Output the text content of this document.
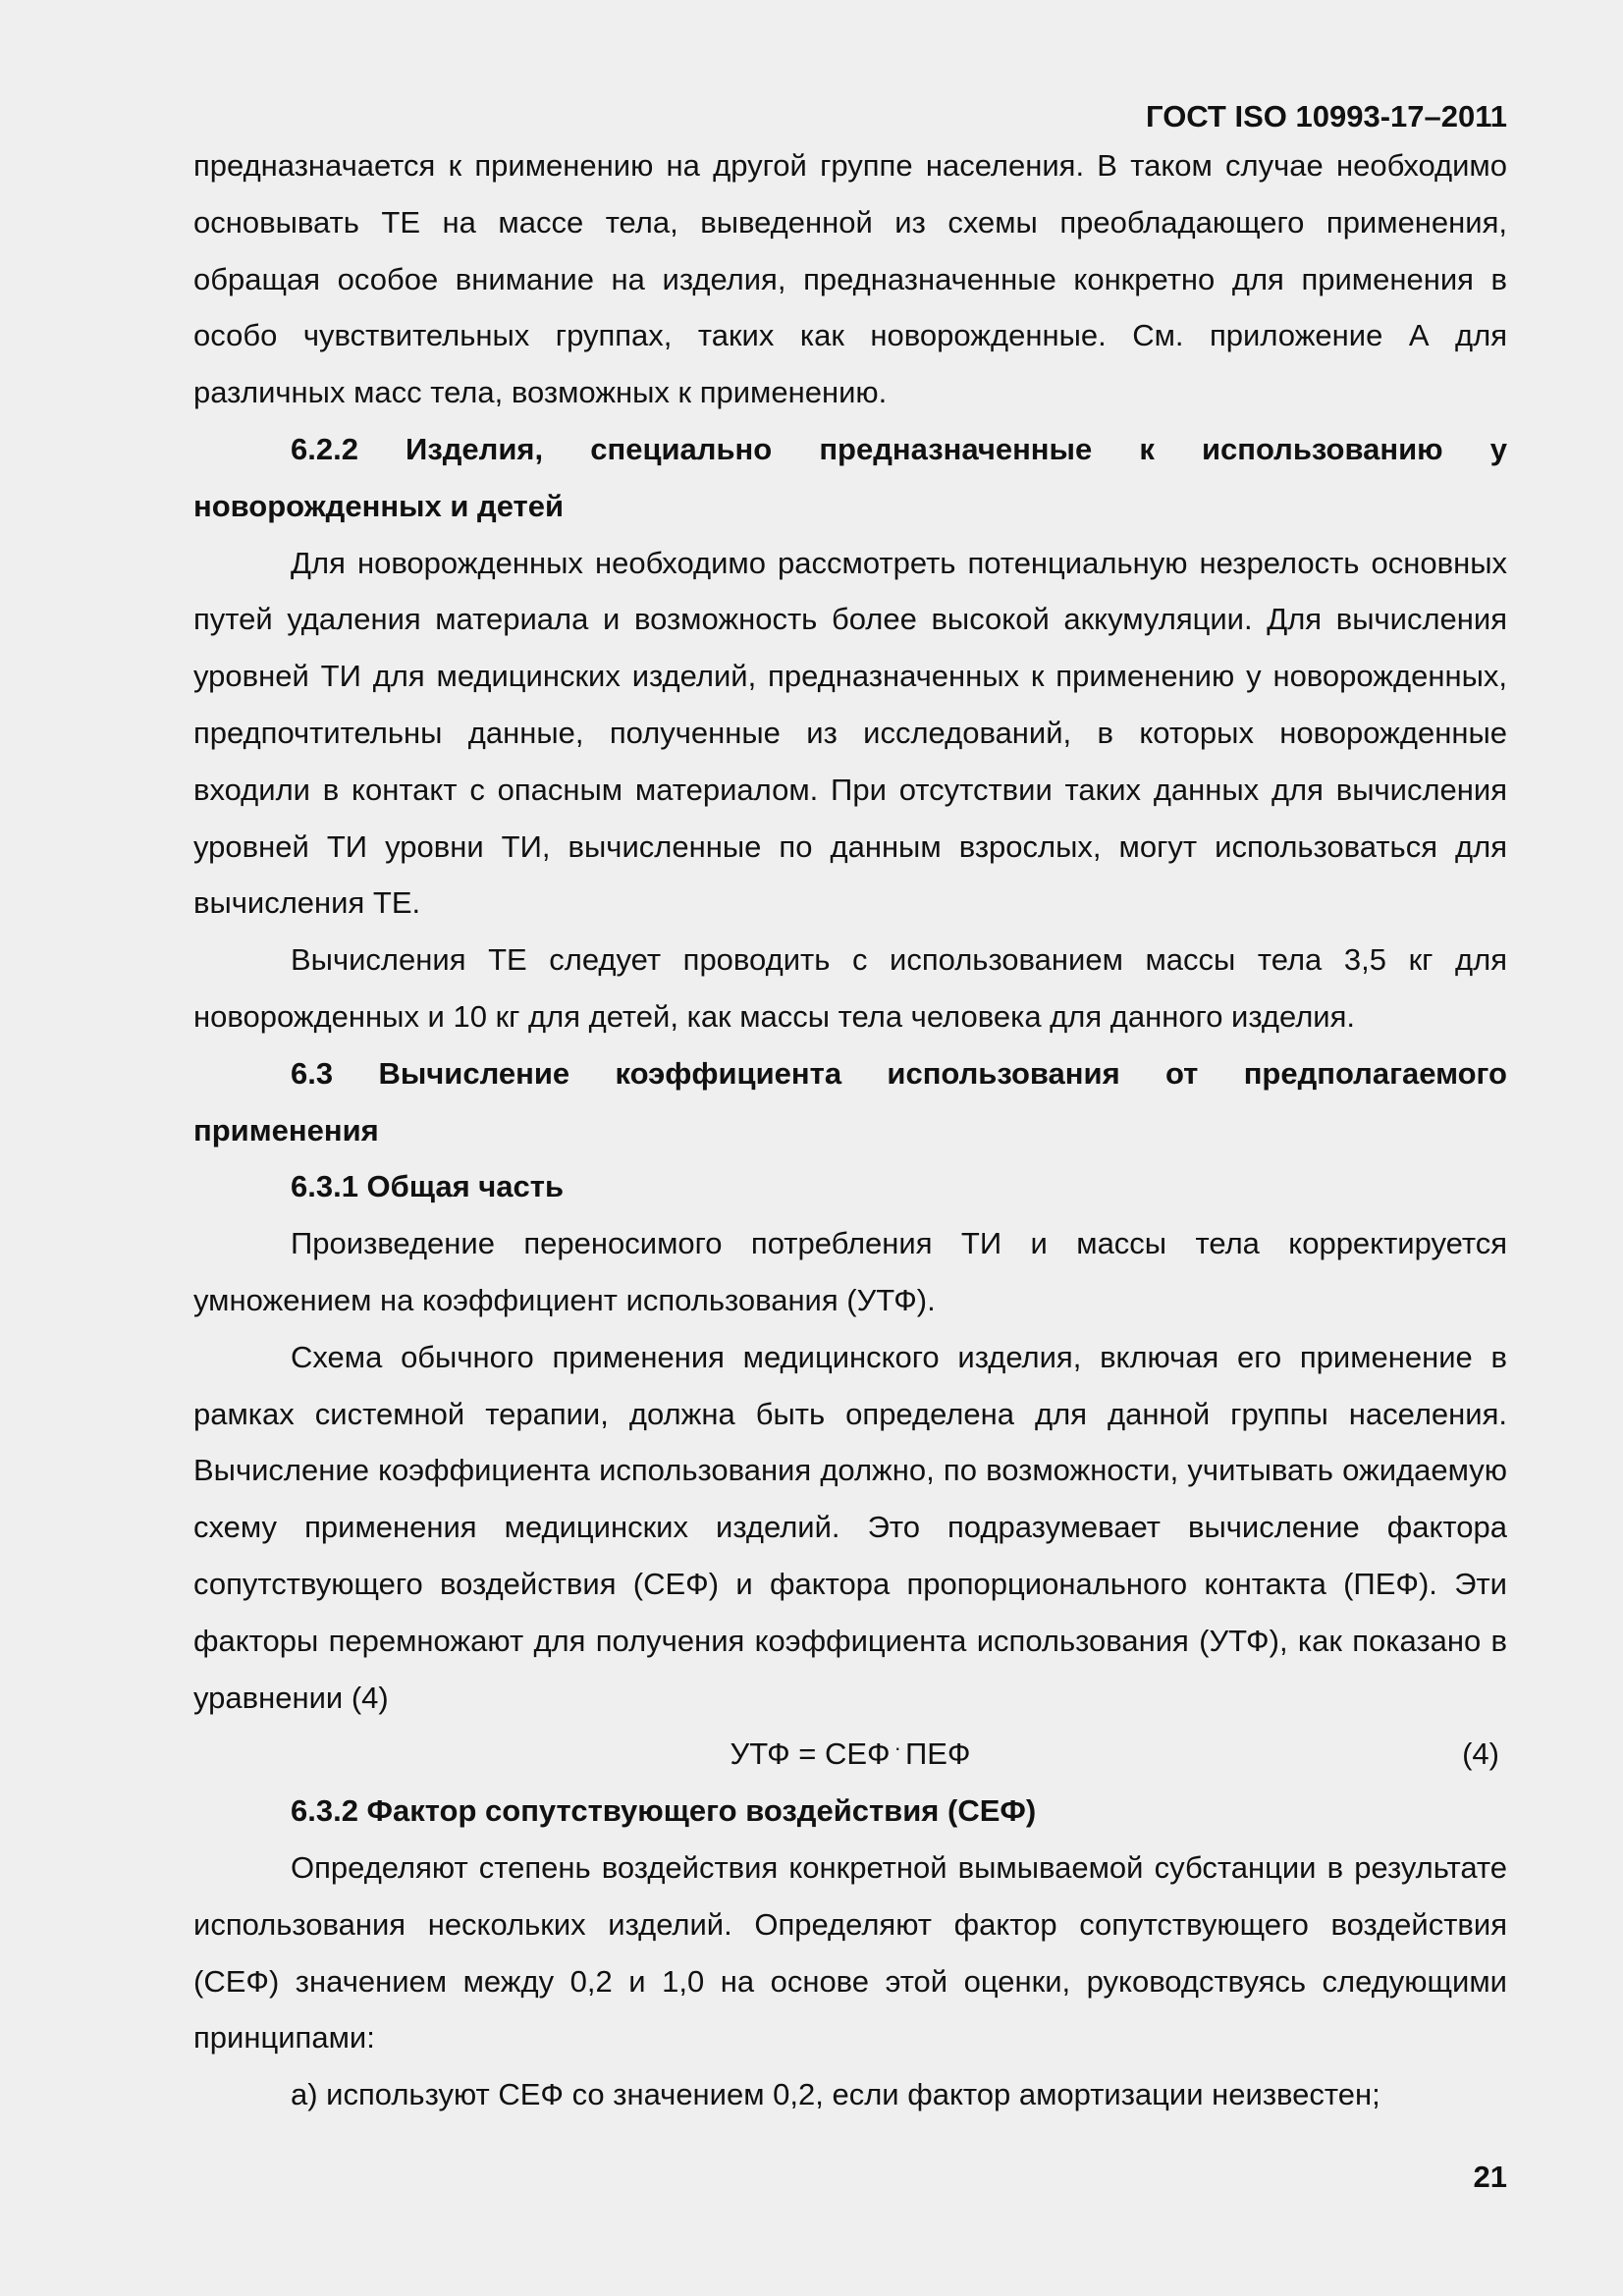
ГОСТ ISO 10993-17–2011

предназначается к применению на другой группе населения. В таком случае необходимо основывать ТЕ на массе тела, выведенной из схемы преобладающего применения, обращая особое внимание на изделия, предназначенные конкретно для применения в особо чувствительных группах, таких как новорожденные. См. приложение А для различных масс тела, возможных к применению.

6.2.2 Изделия, специально предназначенные к использованию у новорожденных и детей

Для новорожденных необходимо рассмотреть потенциальную незрелость основных путей удаления материала и возможность более высокой аккумуляции. Для вычисления уровней ТИ для медицинских изделий, предназначенных к применению у новорожденных, предпочтительны данные, полученные из исследований, в которых новорожденные входили в контакт с опасным материалом. При отсутствии таких данных для вычисления уровней ТИ уровни ТИ, вычисленные по данным взрослых, могут использоваться для вычисления ТЕ.

Вычисления ТЕ следует проводить с использованием массы тела 3,5 кг для новорожденных и 10 кг для детей, как массы тела человека для данного изделия.

6.3 Вычисление коэффициента использования от предполагаемого применения

6.3.1 Общая часть

Произведение переносимого потребления ТИ и массы тела корректируется умножением на коэффициент использования (УТФ).

Схема обычного применения медицинского изделия, включая его применение в рамках системной терапии, должна быть определена для данной группы населения. Вычисление коэффициента использования должно, по возможности, учитывать ожидаемую схему применения медицинских изделий. Это подразумевает вычисление фактора сопутствующего воздействия (СЕФ) и фактора пропорционального контакта (ПЕФ). Эти факторы перемножают для получения коэффициента использования (УТФ), как показано в уравнении (4)

УТФ = СЕФ · ПЕФ	(4)

6.3.2 Фактор сопутствующего воздействия (СЕФ)

Определяют степень воздействия конкретной вымываемой субстанции в результате использования нескольких изделий. Определяют фактор сопутствующего воздействия (СЕФ) значением между 0,2 и 1,0 на основе этой оценки, руководствуясь следующими принципами:

а) используют СЕФ со значением 0,2, если фактор амортизации неизвестен;

21
